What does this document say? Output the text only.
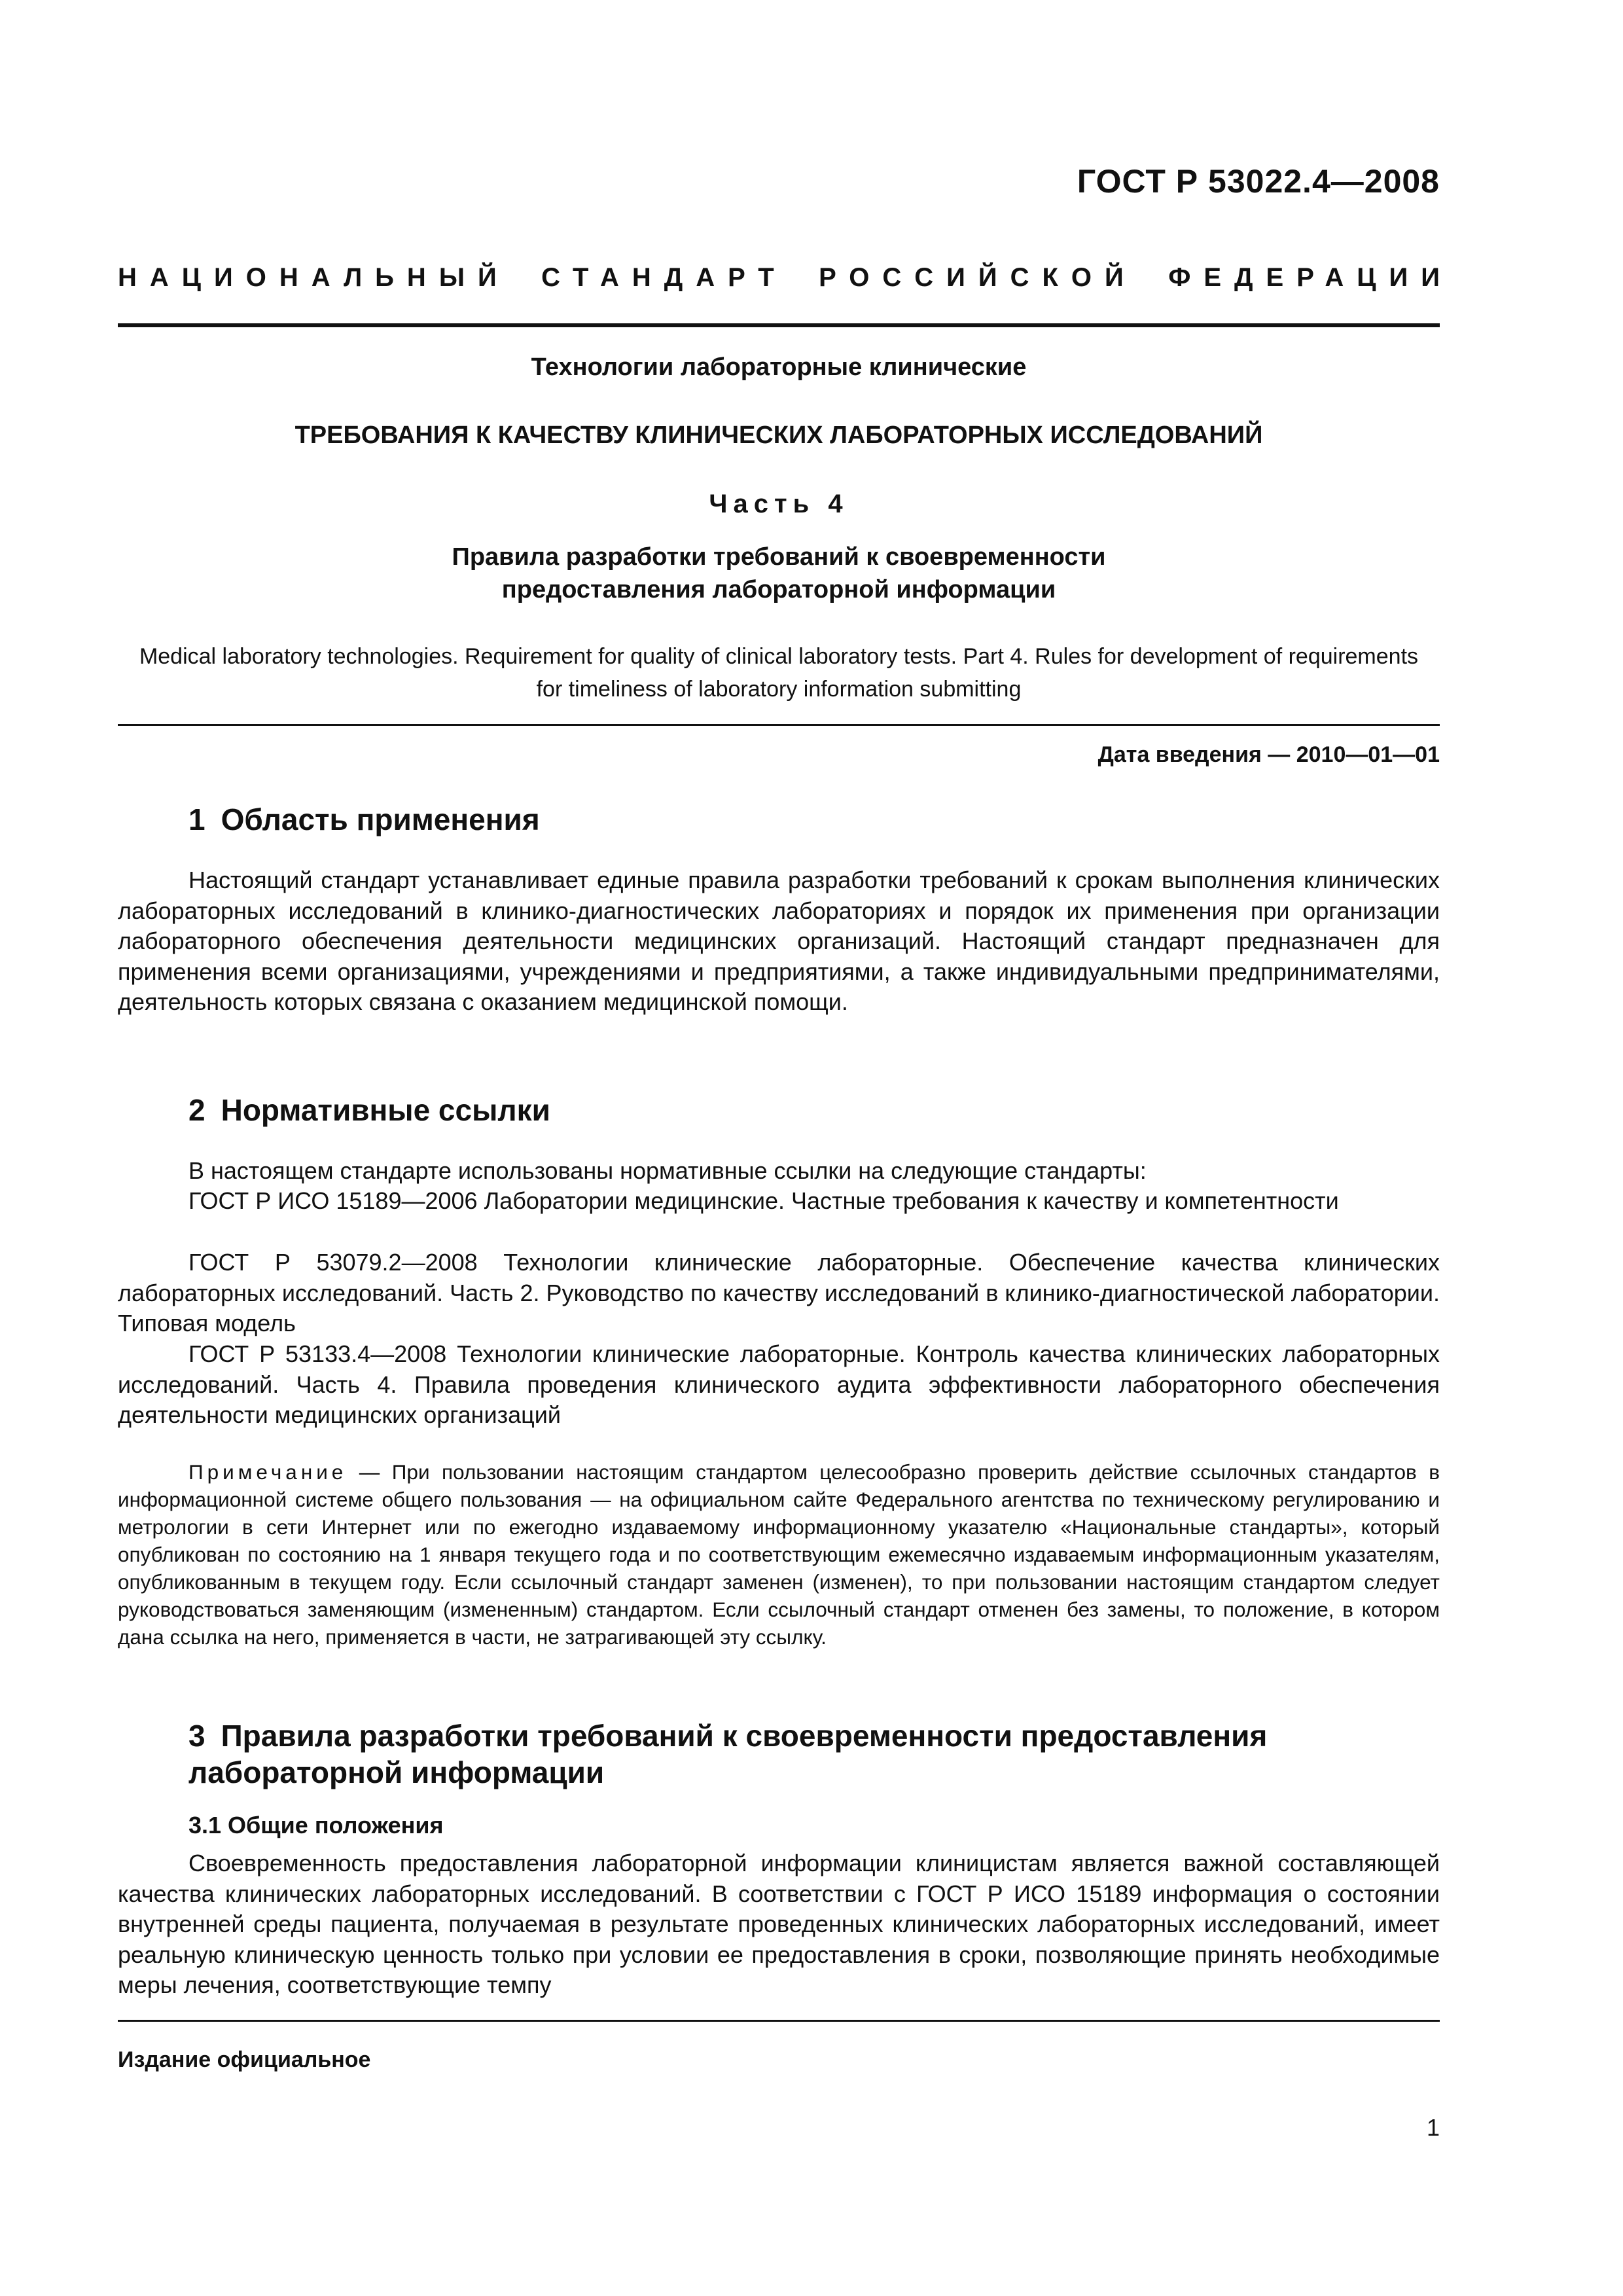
ГОСТ Р 53022.4—2008
НАЦИОНАЛЬНЫЙ СТАНДАРТ РОССИЙСКОЙ ФЕДЕРАЦИИ
Технологии лабораторные клинические
ТРЕБОВАНИЯ К КАЧЕСТВУ КЛИНИЧЕСКИХ ЛАБОРАТОРНЫХ ИССЛЕДОВАНИЙ
Часть 4
Правила разработки требований к своевременности предоставления лабораторной информации
Medical laboratory technologies. Requirement for quality of clinical laboratory tests. Part 4. Rules for development of requirements for timeliness of laboratory information submitting
Дата введения — 2010—01—01
1 Область применения

Настоящий стандарт устанавливает единые правила разработки требований к срокам выполнения клинических лабораторных исследований в клинико-диагностических лабораториях и порядок их применения при организации лабораторного обеспечения деятельности медицинских организаций. Настоящий стандарт предназначен для применения всеми организациями, учреждениями и предприятиями, а также индивидуальными предпринимателями, деятельность которых связана с оказанием медицинской помощи.

2 Нормативные ссылки

В настоящем стандарте использованы нормативные ссылки на следующие стандарты:

ГОСТ Р ИСО 15189—2006 Лаборатории медицинские. Частные требования к качеству и компетентности

ГОСТ Р 53079.2—2008 Технологии клинические лабораторные. Обеспечение качества клинических лабораторных исследований. Часть 2. Руководство по качеству исследований в клинико-диагностической лаборатории. Типовая модель

ГОСТ Р 53133.4—2008 Технологии клинические лабораторные. Контроль качества клинических лабораторных исследований. Часть 4. Правила проведения клинического аудита эффективности лабораторного обеспечения деятельности медицинских организаций

Примечание — При пользовании настоящим стандартом целесообразно проверить действие ссылочных стандартов в информационной системе общего пользования — на официальном сайте Федерального агентства по техническому регулированию и метрологии в сети Интернет или по ежегодно издаваемому информационному указателю «Национальные стандарты», который опубликован по состоянию на 1 января текущего года и по соответствующим ежемесячно издаваемым информационным указателям, опубликованным в текущем году. Если ссылочный стандарт заменен (изменен), то при пользовании настоящим стандартом следует руководствоваться заменяющим (измененным) стандартом. Если ссылочный стандарт отменен без замены, то положение, в котором дана ссылка на него, применяется в части, не затрагивающей эту ссылку.

3 Правила разработки требований к своевременности предоставления
лабораторной информации
3.1 Общие положения

Своевременность предоставления лабораторной информации клиницистам является важной составляющей качества клинических лабораторных исследований. В соответствии с ГОСТ Р ИСО 15189 информация о состоянии внутренней среды пациента, получаемая в результате проведенных клинических лабораторных исследований, имеет реальную клиническую ценность только при условии ее предоставления в сроки, позволяющие принять необходимые меры лечения, соответствующие темпу

Издание официальное
1
